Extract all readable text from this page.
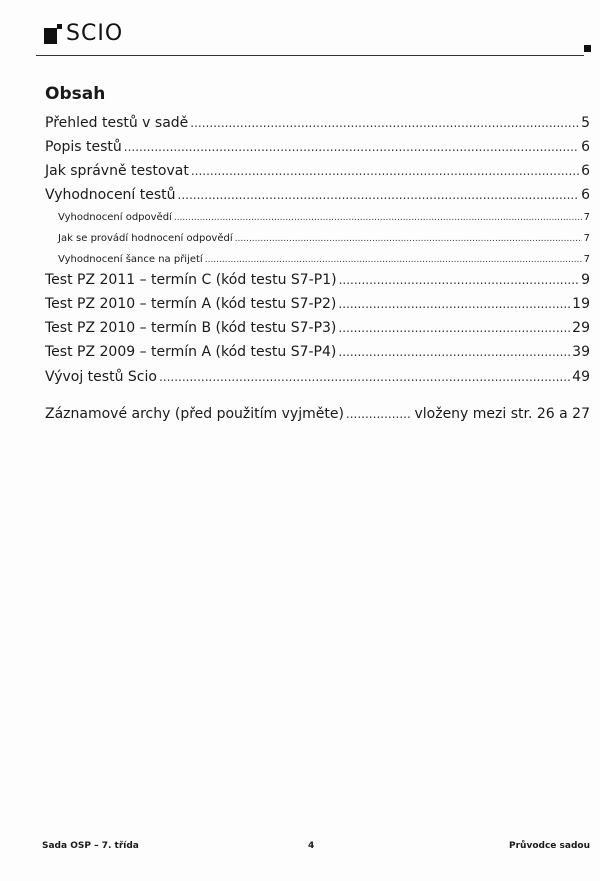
SCIO
Obsah
Přehled testů v sadě .....	5
Popis testů .....	6
Jak správně testovat .....	6
Vyhodnocení testů .....	6
Vyhodnocení odpovědí .....	7
Jak se provádí hodnocení odpovědí .....	7
Vyhodnocení šance na přijetí .....	7
Test PZ 2011 – termín C (kód testu S7-P1) .....	9
Test PZ 2010 – termín A (kód testu S7-P2) .....	19
Test PZ 2010 – termín B (kód testu S7-P3) .....	29
Test PZ 2009 – termín A (kód testu S7-P4) .....	39
Vývoj testů Scio .....	49
Záznamové archy (před použitím vyjměte) .....	vloženy mezi str. 26 a 27
Sada OSP – 7. třída	4	Průvodce sadou
